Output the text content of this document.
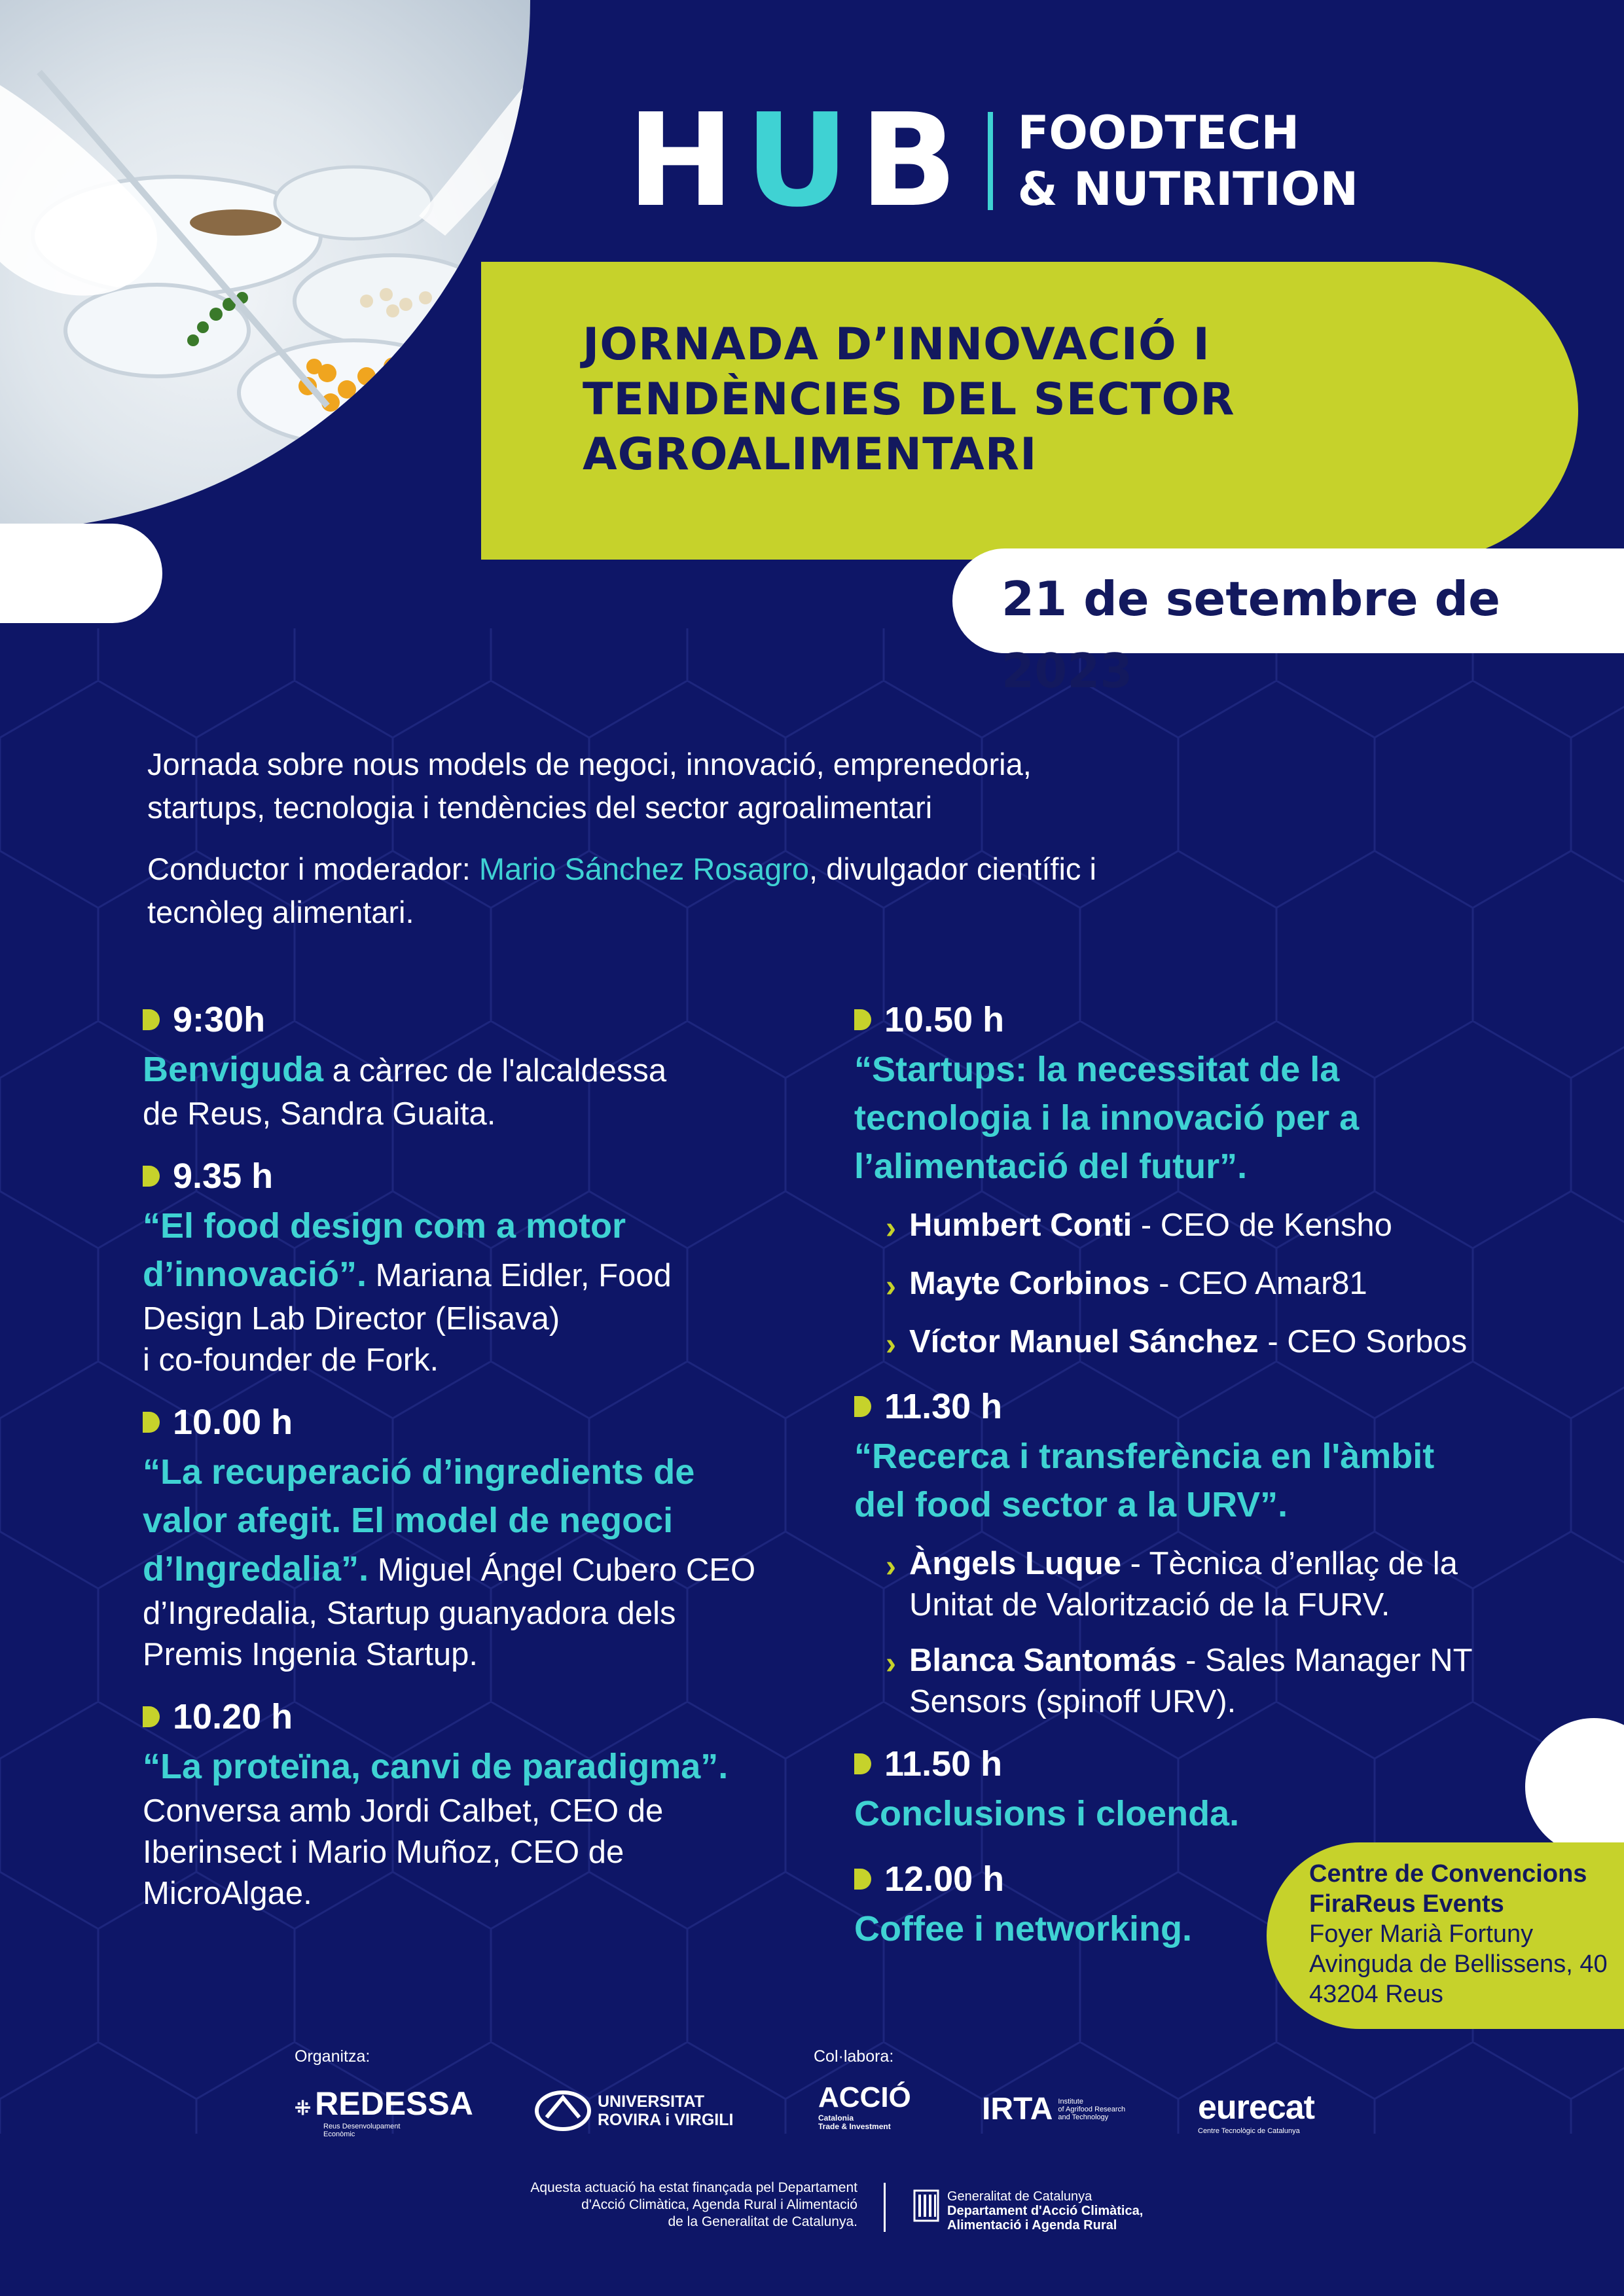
HUB FOODTECH
& NUTRITION
JORNADA D’INNOVACIÓ I
TENDÈNCIES DEL SECTOR
AGROALIMENTARI
21 de setembre de 2023

Jornada sobre nous models de negoci, innovació, emprenedoria,
startups, tecnologia i tendències del sector agroalimentari

Conductor i moderador: Mario Sánchez Rosagro, divulgador científic i
tecnòleg alimentari.

9:30h
Benviguda a càrrec de l'alcaldessa
de Reus, Sandra Guaita.
9.35 h
“El food design com a motor
d’innovació”. Mariana Eidler, Food
Design Lab Director (Elisava)
i co-founder de Fork.
10.00 h
“La recuperació d’ingredients de
valor afegit. El model de negoci
d’Ingredalia”. Miguel Ángel Cubero CEO
d’Ingredalia, Startup guanyadora dels
Premis Ingenia Startup.
10.20 h
“La proteïna, canvi de paradigma”.
Conversa amb Jordi Calbet, CEO de
Iberinsect i Mario Muñoz, CEO de
MicroAlgae.
10.50 h
“Startups: la necessitat de la
tecnologia i la innovació per a
l’alimentació del futur”.
› Humbert Conti - CEO de Kensho
› Mayte Corbinos - CEO Amar81
› Víctor Manuel Sánchez - CEO Sorbos
11.30 h
“Recerca i transferència en l'àmbit
del food sector a la URV”.
› Àngels Luque - Tècnica d’enllaç de la
Unitat de Valorització de la FURV.
› Blanca Santomás - Sales Manager NT
Sensors (spinoff URV).
11.50 h
Conclusions i cloenda.
12.00 h
Coffee i networking.
Centre de Convencions
FiraReus Events
Foyer Marià Fortuny
Avinguda de Bellissens, 40
43204 Reus
Organitza:	Col·labora:
⁜ REDESSA
Reus Desenvolupament
Econòmic
UNIVERSITAT
ROVIRA i VIRGILI
ACCIÓ
Catalonia
Trade & Investment	IRTA Institute
of Agrifood Research
and Technology	eurecat
Centre Tecnològic de Catalunya
Aquesta actuació ha estat finançada pel Departament
d'Acció Climàtica, Agenda Rural i Alimentació
de la Generalitat de Catalunya.
Generalitat de Catalunya
Departament d'Acció Climàtica,
Alimentació i Agenda Rural
